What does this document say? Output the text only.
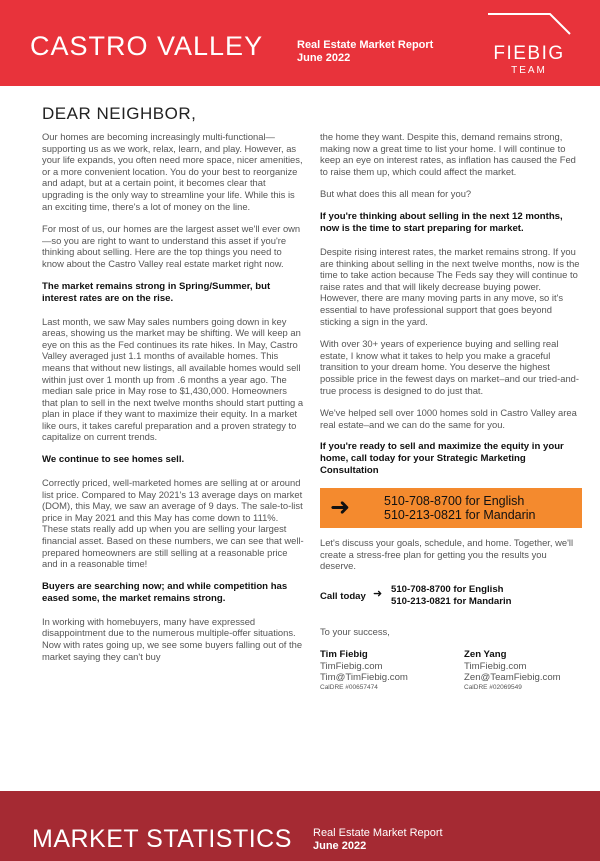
CASTRO VALLEY	Real Estate Market Report
June 2022	FIEBIG
TEAM
DEAR NEIGHBOR,

Our homes are becoming increasingly multi-functional—supporting us as we work, relax, learn, and play. However, as your life expands, you often need more space, nicer amenities, or a more convenient location. You do your best to reorganize and adapt, but at a certain point, it becomes clear that upgrading is the only way to streamline your life. While this is an exciting time, there's a lot of money on the line.

For most of us, our homes are the largest asset we'll ever own—so you are right to want to understand this asset if you're thinking about selling. Here are the top things you need to know about the Castro Valley real estate market right now.

The market remains strong in Spring/Summer, but interest rates are on the rise.

Last month, we saw May sales numbers going down in key areas, showing us the market may be shifting. We will keep an eye on this as the Fed continues its rate hikes. In May, Castro Valley averaged just 1.1 months of available homes. This means that without new listings, all available homes would sell within just over 1 month up from .6 months a year ago. The median sale price in May rose to $1,430,000. Homeowners that plan to sell in the next twelve months should start putting a plan in place if they want to maximize their equity. In a market like ours, it takes careful preparation and a proven strategy to capitalize on current trends.

We continue to see homes sell.

Correctly priced, well-marketed homes are selling at or around list price. Compared to May 2021's 13 average days on market (DOM), this May, we saw an average of 9 days. The sale-to-list price in May 2021 and this May has come down to 111%. These stats really add up when you are selling your largest financial asset. Based on these numbers, we can see that well-prepared homeowners are still selling at a reasonable price and in a reasonable time!

Buyers are searching now; and while competition has eased some, the market remains strong.

In working with homebuyers, many have expressed disappointment due to the numerous multiple-offer situations. Now with rates going up, we see some buyers falling out of the market saying they can't buy

the home they want. Despite this, demand remains strong, making now a great time to list your home. I will continue to keep an eye on interest rates, as inflation has caused the Fed to raise them up, which could affect the market.

But what does this all mean for you?

If you're thinking about selling in the next 12 months, now is the time to start preparing for market.

Despite rising interest rates, the market remains strong. If you are thinking about selling in the next twelve months, now is the time to take action because The Feds say they will continue to raise rates and that will likely decrease buying power. However, there are many moving parts in any move, so it's essential to have professional support that goes beyond sticking a sign in the yard.

With over 30+ years of experience buying and selling real estate, I know what it takes to help you make a graceful transition to your dream home. You deserve the highest possible price in the fewest days on market–and our tried-and-true process is designed to do just that.

We've helped sell over 1000 homes sold in Castro Valley area real estate–and we can do the same for you.

If you're ready to sell and maximize the equity in your home, call today for your Strategic Marketing Consultation
➜	510-708-8700 for English
510-213-0821 for Mandarin

Let's discuss your goals, schedule, and home. Together, we'll create a stress-free plan for getting you the results you deserve.

Call today ➜ 510-708-8700 for English
510-213-0821 for Mandarin

To your success,

Tim Fiebig
TimFiebig.com
Tim@TimFiebig.com
CalDRE #00657474
Zen Yang
TimFiebig.com
Zen@TeamFiebig.com
CalDRE #02069549
MARKET STATISTICS Real Estate Market Report
June 2022
